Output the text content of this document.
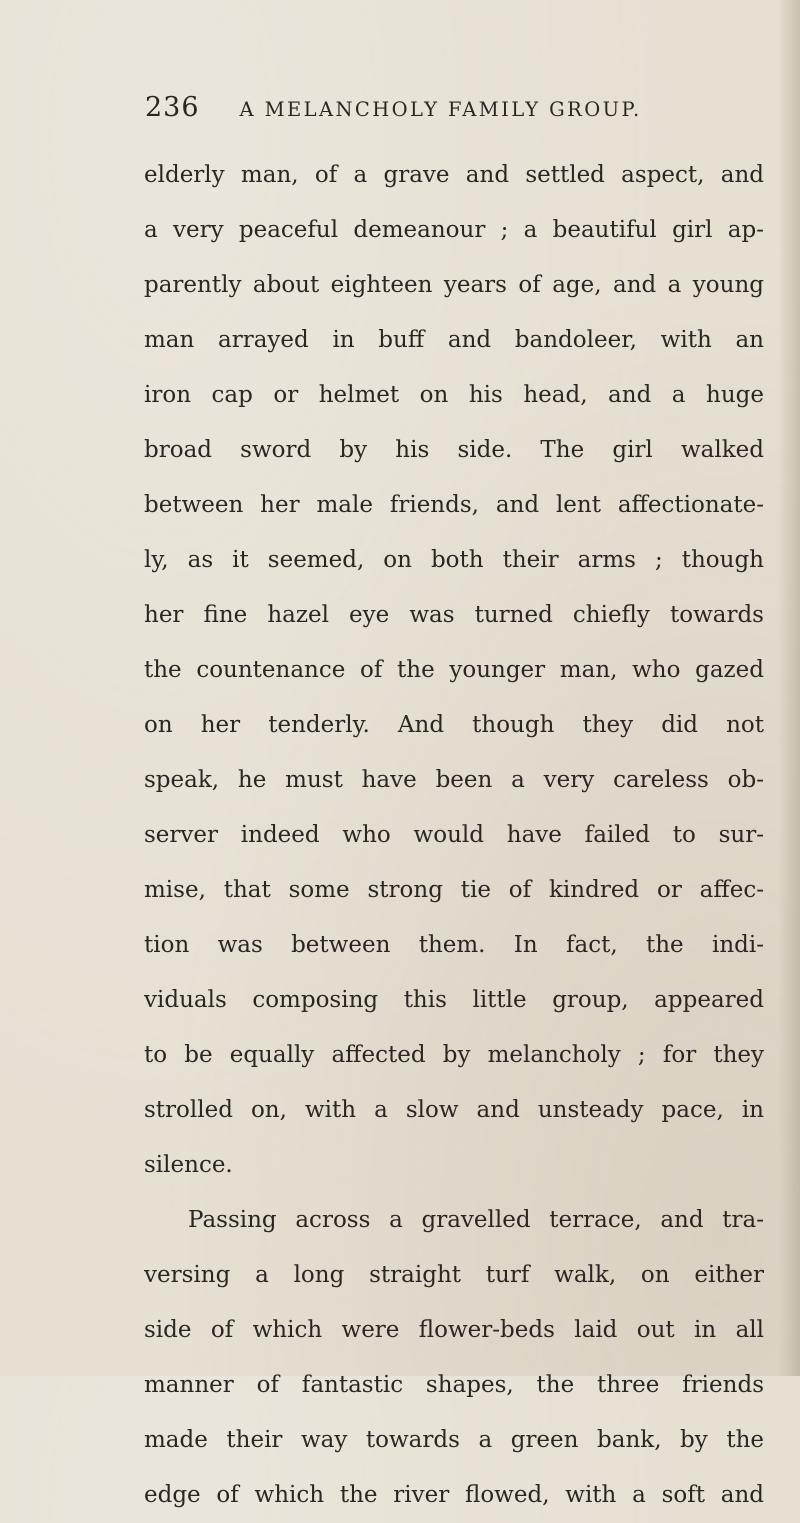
236 A MELANCHOLY FAMILY GROUP.
elderly man, of a grave and settled aspect, and
a very peaceful demeanour ; a beautiful girl ap-
parently about eighteen years of age, and a young
man arrayed in buff and bandoleer, with an
iron cap or helmet on his head, and a huge
broad sword by his side. The girl walked
between her male friends, and lent affectionate-
ly, as it seemed, on both their arms ; though
her fine hazel eye was turned chiefly towards
the countenance of the younger man, who gazed
on her tenderly. And though they did not
speak, he must have been a very careless ob-
server indeed who would have failed to sur-
mise, that some strong tie of kindred or affec-
tion was between them. In fact, the indi-
viduals composing this little group, appeared
to be equally affected by melancholy ; for they
strolled on, with a slow and unsteady pace, in
silence.
Passing across a gravelled terrace, and tra-
versing a long straight turf walk, on either
side of which were flower-beds laid out in all
manner of fantastic shapes, the three friends
made their way towards a green bank, by the
edge of which the river flowed, with a soft and
